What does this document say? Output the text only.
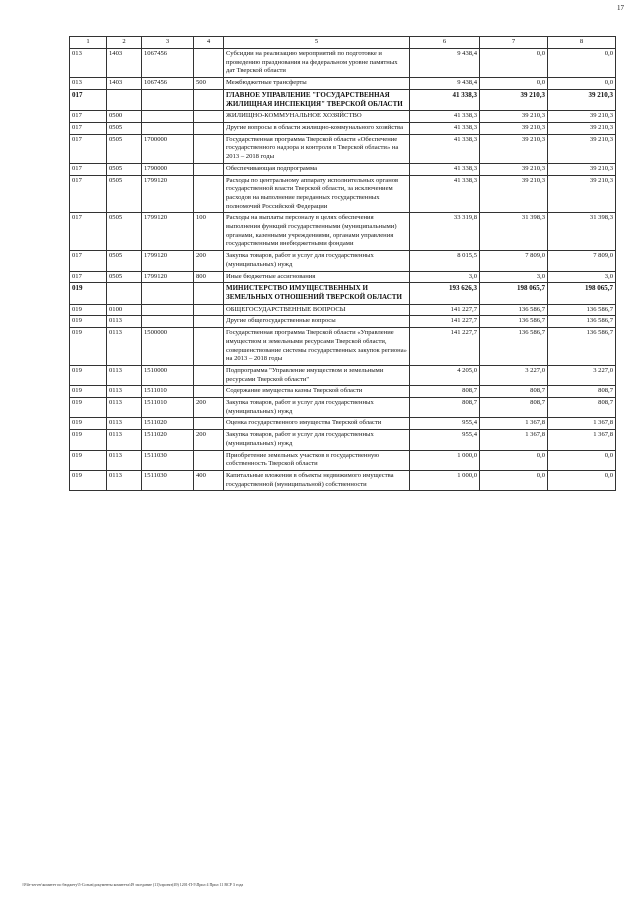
17
1	2	3	4	5	6	7	8
013	1403	1067456		Субсидии на реализацию мероприятий по подготовке и проведению празднования на федеральном уровне памятных дат Тверской области	9 438,4	0,0	0,0
013	1403	1067456	500	Межбюджетные трансферты	9 438,4	0,0	0,0
017				ГЛАВНОЕ УПРАВЛЕНИЕ "ГОСУДАРСТВЕННАЯ ЖИЛИЩНАЯ ИНСПЕКЦИЯ" ТВЕРСКОЙ ОБЛАСТИ	41 338,3	39 210,3	39 210,3
017	0500			ЖИЛИЩНО-КОММУНАЛЬНОЕ ХОЗЯЙСТВО	41 338,3	39 210,3	39 210,3
017	0505			Другие вопросы в области жилищно-коммунального хозяйства	41 338,3	39 210,3	39 210,3
017	0505	1700000		Государственная программа Тверской области «Обеспечение государственного надзора и контроля в Тверской области» на 2013 – 2018 годы	41 338,3	39 210,3	39 210,3
017	0505	1790000		Обеспечивающая подпрограмма	41 338,3	39 210,3	39 210,3
017	0505	1799120		Расходы по центральному аппарату исполнительных органов государственной власти Тверской области, за исключением расходов на выполнение переданных государственных полномочий Российской Федерации	41 338,3	39 210,3	39 210,3
017	0505	1799120	100	Расходы на выплаты персоналу в целях обеспечения выполнения функций государственными (муниципальными) органами, казенными учреждениями, органами управления государственными внебюджетными фондами	33 319,8	31 398,3	31 398,3
017	0505	1799120	200	Закупка товаров, работ и услуг для государственных (муниципальных) нужд	8 015,5	7 809,0	7 809,0
017	0505	1799120	800	Иные бюджетные ассигнования	3,0	3,0	3,0
019				МИНИСТЕРСТВО ИМУЩЕСТВЕННЫХ И ЗЕМЕЛЬНЫХ ОТНОШЕНИЙ ТВЕРСКОЙ ОБЛАСТИ	193 626,3	198 065,7	198 065,7
019	0100			ОБЩЕГОСУДАРСТВЕННЫЕ ВОПРОСЫ	141 227,7	136 586,7	136 586,7
019	0113			Другие общегосударственные вопросы	141 227,7	136 586,7	136 586,7
019	0113	1500000		Государственная программа Тверской области «Управление имуществом и земельными ресурсами Тверской области, совершенствование системы государственных закупок региона» на 2013 – 2018 годы	141 227,7	136 586,7	136 586,7
019	0113	1510000		Подпрограмма "Управление имуществом и земельными ресурсами Тверской области"	4 205,0	3 227,0	3 227,0
019	0113	1511010		Содержание имущества казны Тверской области	808,7	808,7	808,7
019	0113	1511010	200	Закупка товаров, работ и услуг для государственных (муниципальных) нужд	808,7	808,7	808,7
019	0113	1511020		Оценка государственного имущества Тверской области	955,4	1 367,8	1 367,8
019	0113	1511020	200	Закупка товаров, работ и услуг для государственных (муниципальных) нужд	955,4	1 367,8	1 367,8
019	0113	1511030		Приобретение земельных участков в государственную собственность Тверской области	1 000,0	0,0	0,0
019	0113	1511030	400	Капитальные вложения в объекты недвижимого имущества государственной (муниципальной) собственности	1 000,0	0,0	0,0
\\File-server\комитет по бюджету\5-Созыв\документы комитета\49 заседание (11)\проект(49) 1201-П-5\Прил 4 Прил 11 ВСР 3 года
